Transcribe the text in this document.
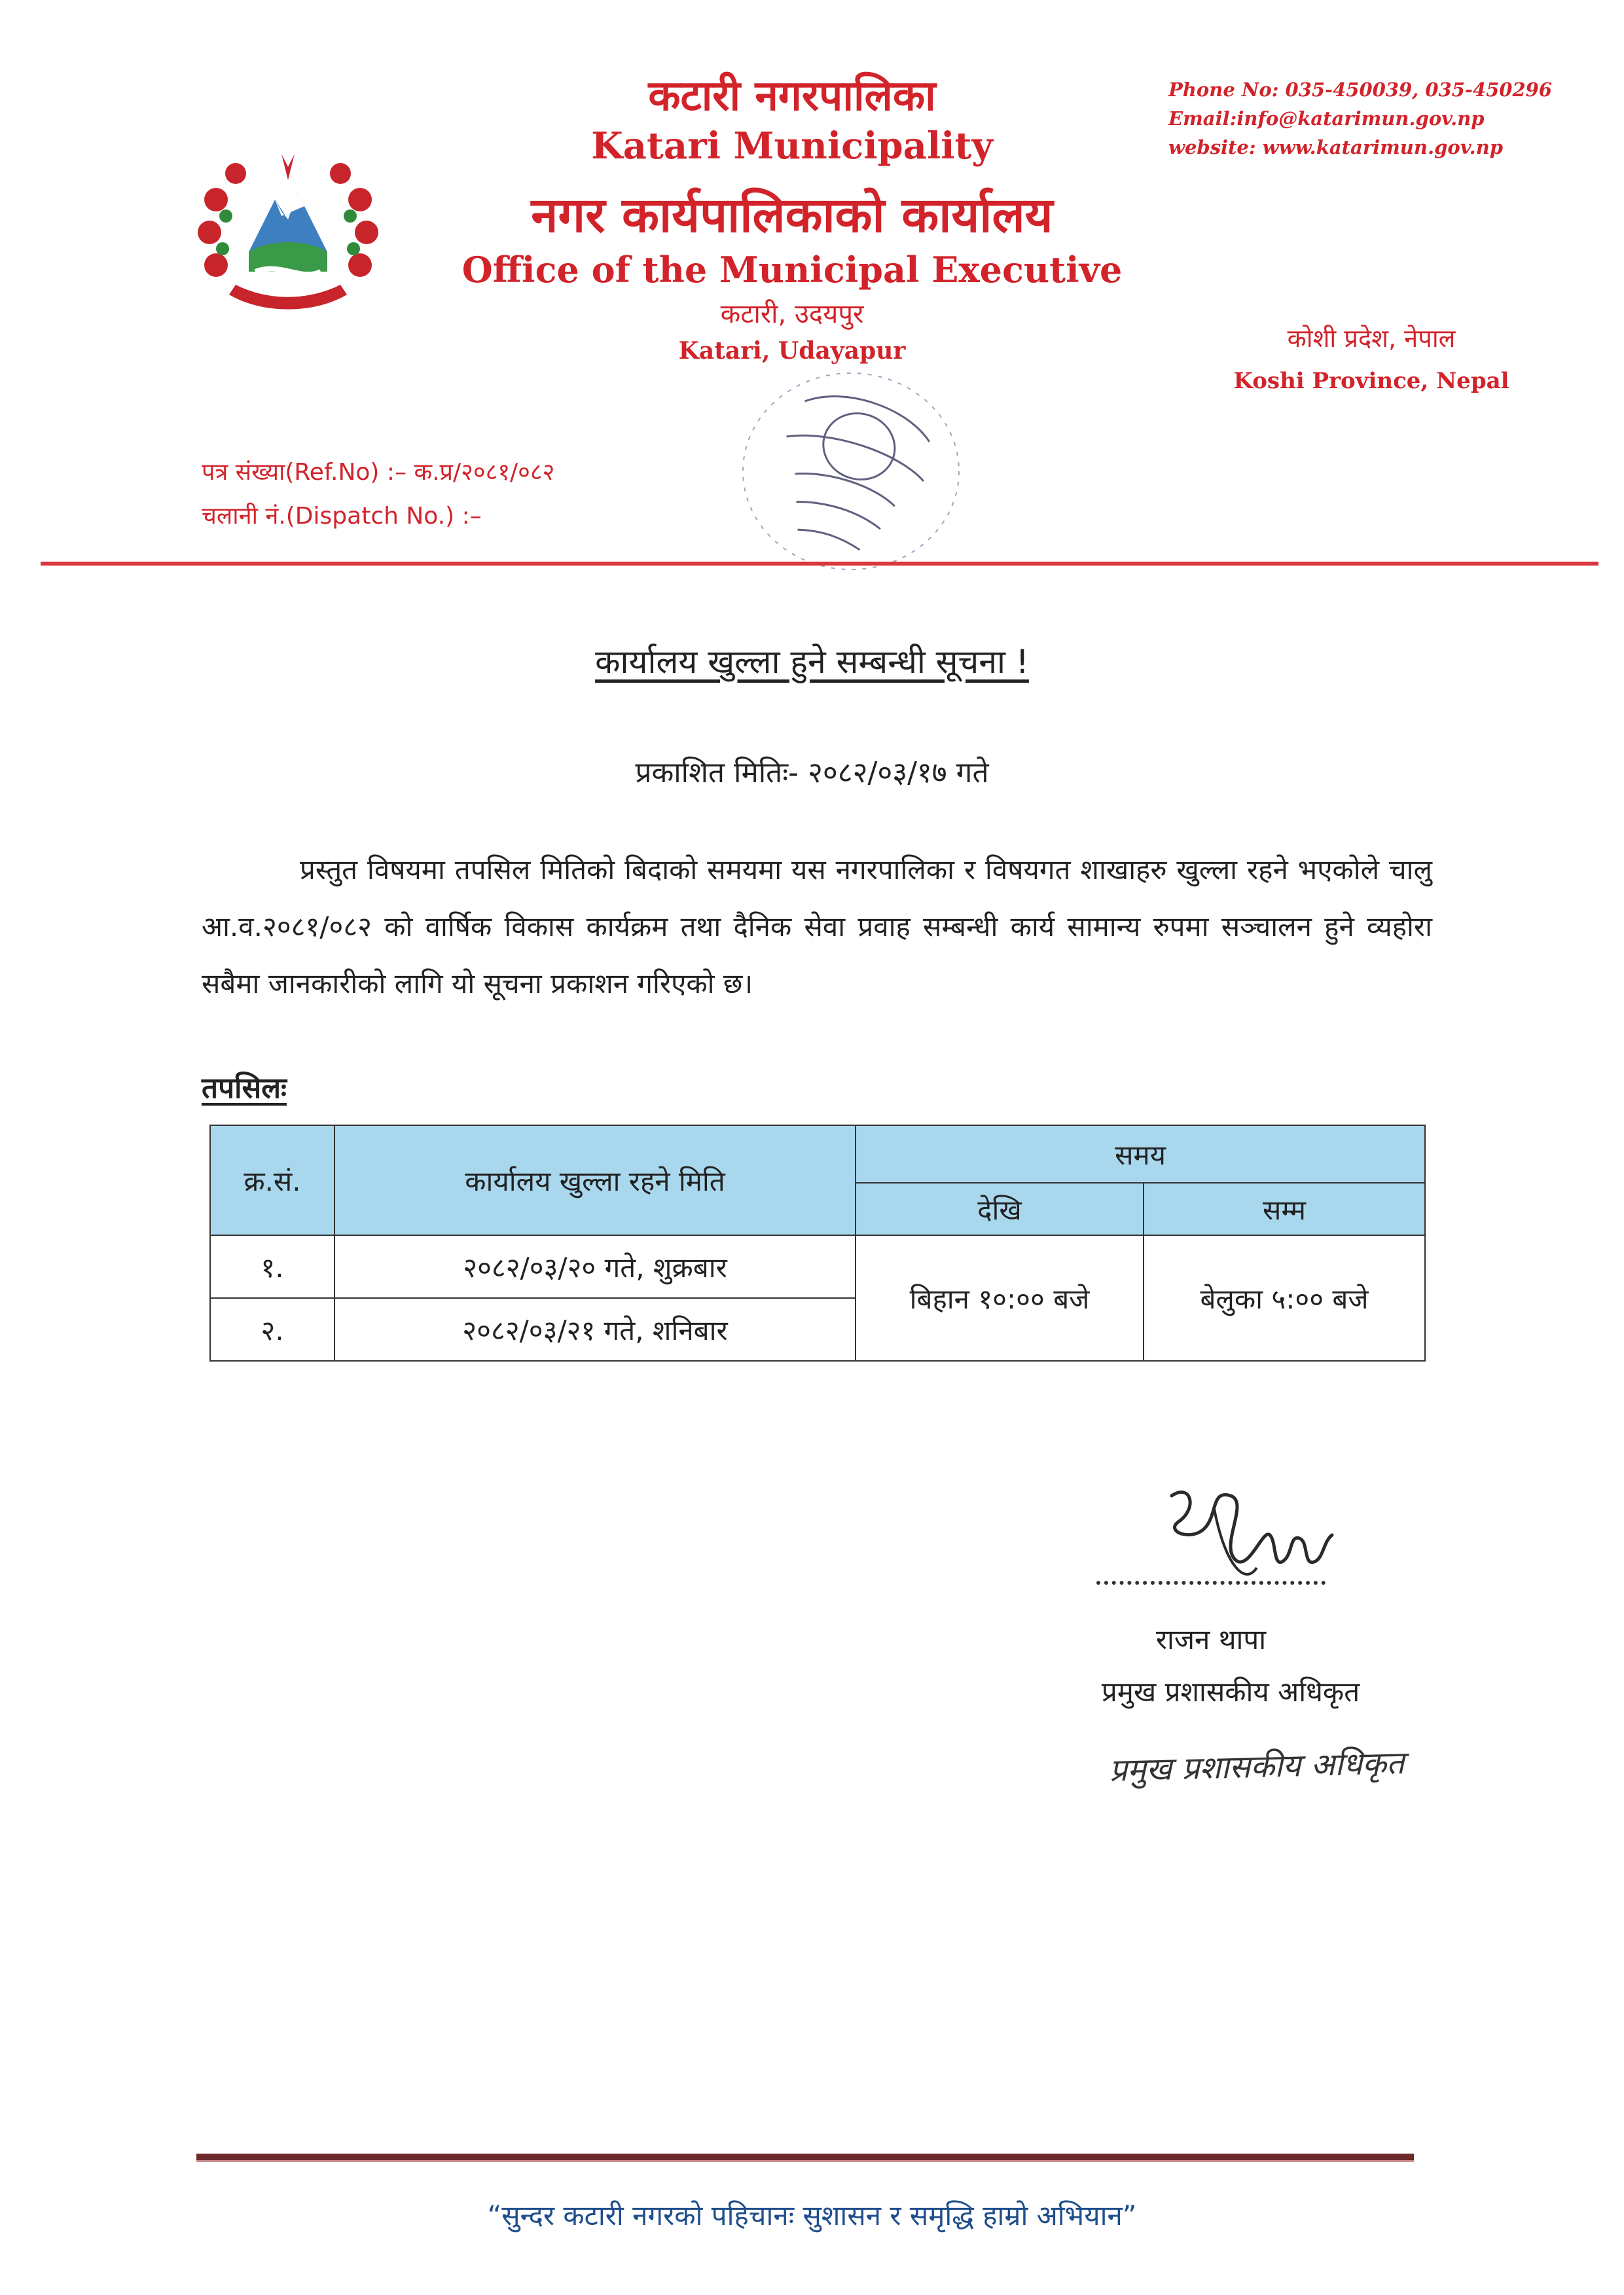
कटारी नगरपालिका
Katari Municipality
नगर कार्यपालिकाको कार्यालय
Office of the Municipal Executive
कटारी, उदयपुर
Katari, Udayapur
Phone No: 035-450039, 035-450296
Email:info@katarimun.gov.np
website: www.katarimun.gov.np
कोशी प्रदेश, नेपाल
Koshi Province, Nepal
पत्र संख्या(Ref.No) :– क.प्र/२०८१/०८२
चलानी नं.(Dispatch No.) :–
कार्यालय खुल्ला हुने सम्बन्धी सूचना !
प्रकाशित मितिः- २०८२/०३/१७ गते
प्रस्तुत विषयमा तपसिल मितिको बिदाको समयमा यस नगरपालिका र विषयगत शाखाहरु खुल्ला रहने भएकोले चालु आ.व.२०८१/०८२ को वार्षिक विकास कार्यक्रम तथा दैनिक सेवा प्रवाह सम्बन्धी कार्य सामान्य रुपमा सञ्चालन हुने व्यहोरा सबैमा जानकारीको लागि यो सूचना प्रकाशन गरिएको छ।
तपसिलः
क्र.सं.	कार्यालय खुल्ला रहने मिति	समय	
		देखि	सम्म
१.	२०८२/०३/२० गते, शुक्रबार	बिहान १०:०० बजे	बेलुका ५:०० बजे
२.	२०८२/०३/२१ गते, शनिबार		
राजन थापा
प्रमुख प्रशासकीय अधिकृत
प्रमुख प्रशासकीय अधिकृत
“सुन्दर कटारी नगरको पहिचानः सुशासन र समृद्धि हाम्रो अभियान”
